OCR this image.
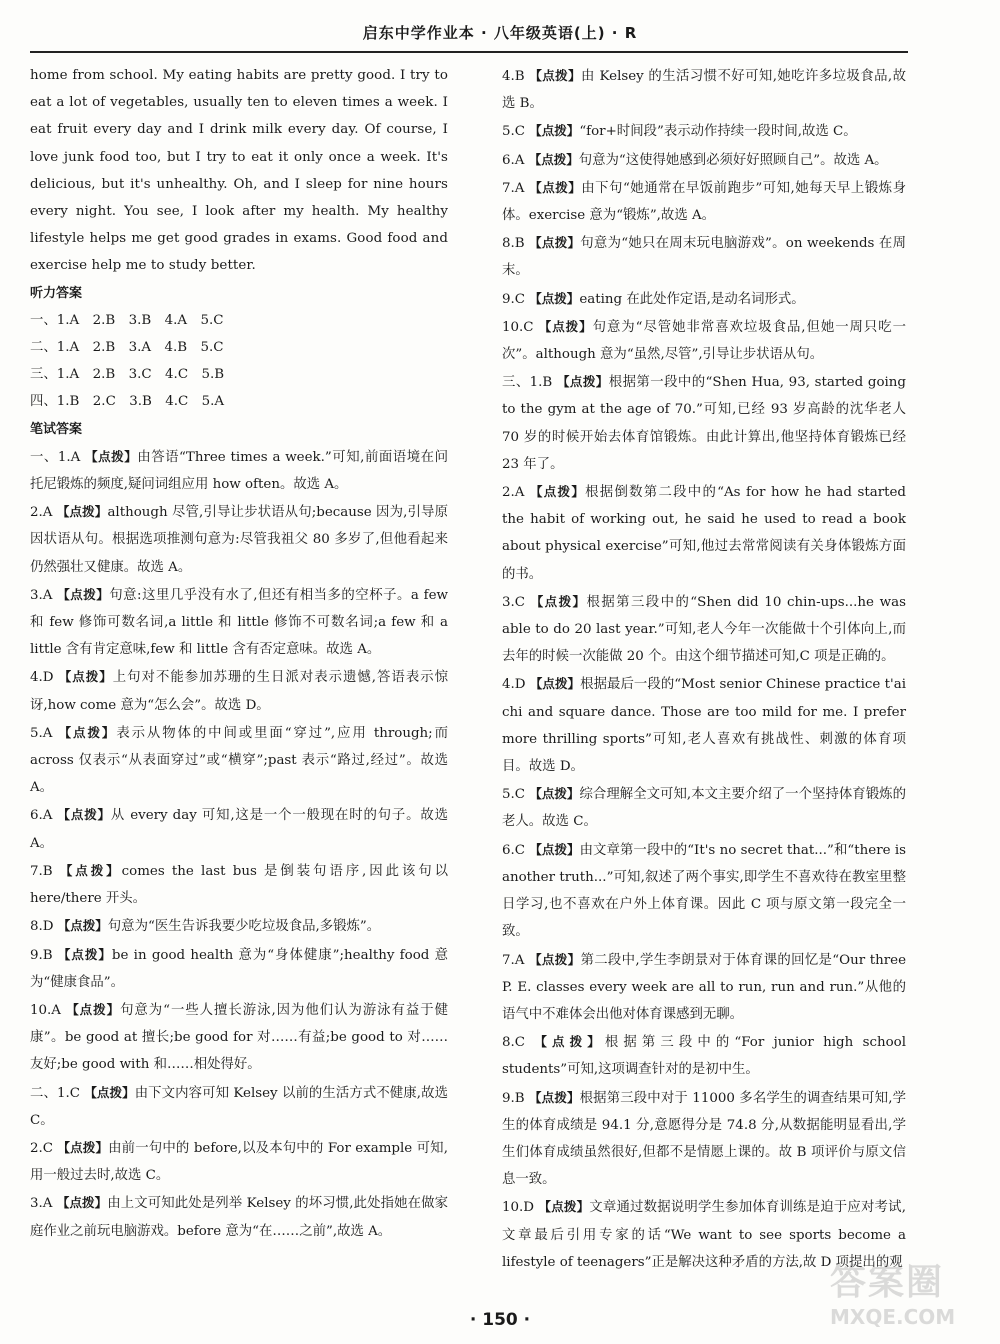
启东中学作业本 · 八年级英语(上) · R
home from school. My eating habits are pretty good. I try to eat a lot of vegetables, usually ten to eleven times a week. I eat fruit every day and I drink milk every day. Of course, I love junk food too, but I try to eat it only once a week. It's delicious, but it's unhealthy. Oh, and I sleep for nine hours every night. You see, I look after my health. My healthy lifestyle helps me get good grades in exams. Good food and exercise help me to study better.
听力答案
一、1.A　2.B　3.B　4.A　5.C
二、1.A　2.B　3.A　4.B　5.C
三、1.A　2.B　3.C　4.C　5.B
四、1.B　2.C　3.B　4.C　5.A
笔试答案
一、1.A 【点拨】由答语“Three times a week.”可知,前面语境在问托尼锻炼的频度,疑问词组应用 how often。故选 A。
2.A 【点拨】although 尽管,引导让步状语从句;because 因为,引导原因状语从句。根据选项推测句意为:尽管我祖父 80 多岁了,但他看起来仍然强壮又健康。故选 A。
3.A 【点拨】句意:这里几乎没有水了,但还有相当多的空杯子。a few 和 few 修饰可数名词,a little 和 little 修饰不可数名词;a few 和 a little 含有肯定意味,few 和 little 含有否定意味。故选 A。
4.D 【点拨】上句对不能参加苏珊的生日派对表示遗憾,答语表示惊讶,how come 意为“怎么会”。故选 D。
5.A 【点拨】表示从物体的中间或里面“穿过”,应用 through;而 across 仅表示“从表面穿过”或“横穿”;past 表示“路过,经过”。故选 A。
6.A 【点拨】从 every day 可知,这是一个一般现在时的句子。故选 A。
7.B 【点拨】comes the last bus 是倒装句语序,因此该句以 here/there 开头。
8.D 【点拨】句意为“医生告诉我要少吃垃圾食品,多锻炼”。
9.B 【点拨】be in good health 意为“身体健康”;healthy food 意为“健康食品”。
10.A 【点拨】句意为“一些人擅长游泳,因为他们认为游泳有益于健康”。be good at 擅长;be good for 对……有益;be good to 对……友好;be good with 和……相处得好。
二、1.C 【点拨】由下文内容可知 Kelsey 以前的生活方式不健康,故选 C。
2.C 【点拨】由前一句中的 before,以及本句中的 For example 可知,用一般过去时,故选 C。
3.A 【点拨】由上文可知此处是列举 Kelsey 的坏习惯,此处指她在做家庭作业之前玩电脑游戏。before 意为“在……之前”,故选 A。
4.B 【点拨】由 Kelsey 的生活习惯不好可知,她吃许多垃圾食品,故选 B。
5.C 【点拨】“for+时间段”表示动作持续一段时间,故选 C。
6.A 【点拨】句意为“这使得她感到必须好好照顾自己”。故选 A。
7.A 【点拨】由下句“她通常在早饭前跑步”可知,她每天早上锻炼身体。exercise 意为“锻炼”,故选 A。
8.B 【点拨】句意为“她只在周末玩电脑游戏”。on weekends 在周末。
9.C 【点拨】eating 在此处作定语,是动名词形式。
10.C 【点拨】句意为“尽管她非常喜欢垃圾食品,但她一周只吃一次”。although 意为“虽然,尽管”,引导让步状语从句。
三、1.B 【点拨】根据第一段中的“Shen Hua, 93, started going to the gym at the age of 70.”可知,已经 93 岁高龄的沈华老人 70 岁的时候开始去体育馆锻炼。由此计算出,他坚持体育锻炼已经 23 年了。
2.A 【点拨】根据倒数第二段中的“As for how he had started the habit of working out, he said he used to read a book about physical exercise”可知,他过去常常阅读有关身体锻炼方面的书。
3.C 【点拨】根据第三段中的“Shen did 10 chin-ups...he was able to do 20 last year.”可知,老人今年一次能做十个引体向上,而去年的时候一次能做 20 个。由这个细节描述可知,C 项是正确的。
4.D 【点拨】根据最后一段的“Most senior Chinese practice t'ai chi and square dance. Those are too mild for me. I prefer more thrilling sports”可知,老人喜欢有挑战性、刺激的体育项目。故选 D。
5.C 【点拨】综合理解全文可知,本文主要介绍了一个坚持体育锻炼的老人。故选 C。
6.C 【点拨】由文章第一段中的“It's no secret that...”和“there is another truth...”可知,叙述了两个事实,即学生不喜欢待在教室里整日学习,也不喜欢在户外上体育课。因此 C 项与原文第一段完全一致。
7.A 【点拨】第二段中,学生李朗景对于体育课的回忆是“Our three P. E. classes every week are all to run, run and run.”从他的语气中不难体会出他对体育课感到无聊。
8.C 【点拨】根据第三段中的“For junior high school students”可知,这项调查针对的是初中生。
9.B 【点拨】根据第三段中对于 11000 多名学生的调查结果可知,学生的体育成绩是 94.1 分,意愿得分是 74.8 分,从数据能明显看出,学生们体育成绩虽然很好,但都不是情愿上课的。故 B 项评价与原文信息一致。
10.D 【点拨】文章通过数据说明学生参加体育训练是迫于应对考试,文章最后引用专家的话“We want to see sports become a lifestyle of teenagers”正是解决这种矛盾的方法,故 D 项提出的观
· 150 ·
答案圈
MXQE.COM
